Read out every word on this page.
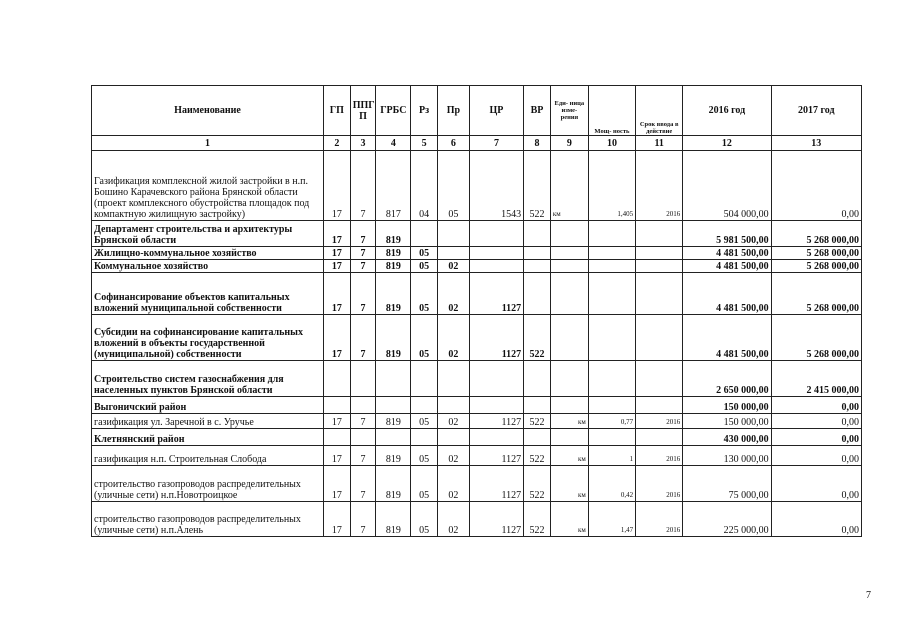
Наименование	ГП	ППГ П	ГРБС	Рз	Пр	ЦР	ВР	Еди- ница изме- рения	Мощ- ность	Срок ввода в действие	2016 год	2017 год
1	2	3	4	5	6	7	8	9	10	11	12	13
Газификация комплексной жилой застройки в н.п. Бошино Карачевского района Брянской области (проект комплексного обустройства площадок под компактную жилищную застройку)	17	7	817	04	05	1543	522	км	1,405	2016	504 000,00	0,00
Департамент строительства и архитектуры Брянской области	17	7	819								5 981 500,00	5 268 000,00
Жилищно-коммунальное хозяйство	17	7	819	05							4 481 500,00	5 268 000,00
Коммунальное хозяйство	17	7	819	05	02						4 481 500,00	5 268 000,00
Софинансирование объектов капитальных вложений муниципальной собственности	17	7	819	05	02	1127					4 481 500,00	5 268 000,00
Субсидии на софинансирование капитальных вложений в объекты государственной (муниципальной) собственности	17	7	819	05	02	1127	522				4 481 500,00	5 268 000,00
Строительство систем газоснабжения для населенных пунктов Брянской области											2 650 000,00	2 415 000,00
Выгоничский район											150 000,00	0,00
газификация ул. Заречной в с. Уручье	17	7	819	05	02	1127	522	км	0,77	2016	150 000,00	0,00
Клетнянский район											430 000,00	0,00
газификация н.п. Строительная Слобода	17	7	819	05	02	1127	522	км	1	2016	130 000,00	0,00
строительство газопроводов распределительных (уличные сети) н.п.Новотроицкое	17	7	819	05	02	1127	522	км	0,42	2016	75 000,00	0,00
строительство газопроводов распределительных (уличные сети) н.п.Алень	17	7	819	05	02	1127	522	км	1,47	2016	225 000,00	0,00
7
